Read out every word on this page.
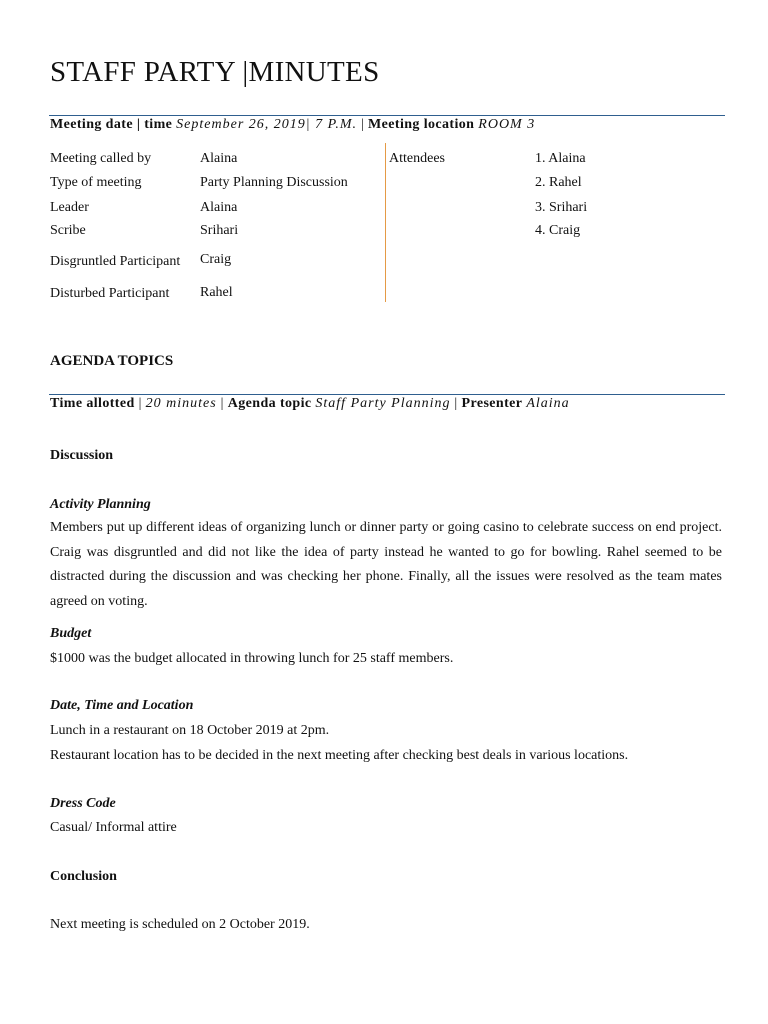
STAFF PARTY |MINUTES
Meeting date | time September 26, 2019| 7 P.M. | Meeting location ROOM 3
Meeting called by	Alaina
Type of meeting	Party Planning Discussion
Leader	Alaina
Scribe	Srihari
Disgruntled Participant Craig
Disturbed Participant Rahel
Attendees	1. Alaina
2. Rahel
3. Srihari
4. Craig
AGENDA TOPICS
Time allotted | 20 minutes | Agenda topic Staff Party Planning | Presenter Alaina
Discussion
Activity Planning
Members put up different ideas of organizing lunch or dinner party or going casino to celebrate success on end project. Craig was disgruntled and did not like the idea of party instead he wanted to go for bowling. Rahel seemed to be distracted during the discussion and was checking her phone. Finally, all the issues were resolved as the team mates agreed on voting.
Budget
$1000 was the budget allocated in throwing lunch for 25 staff members.
Date, Time and Location
Lunch in a restaurant on 18 October 2019 at 2pm.
Restaurant location has to be decided in the next meeting after checking best deals in various locations.
Dress Code
Casual/ Informal attire
Conclusion
Next meeting is scheduled on 2 October 2019.
